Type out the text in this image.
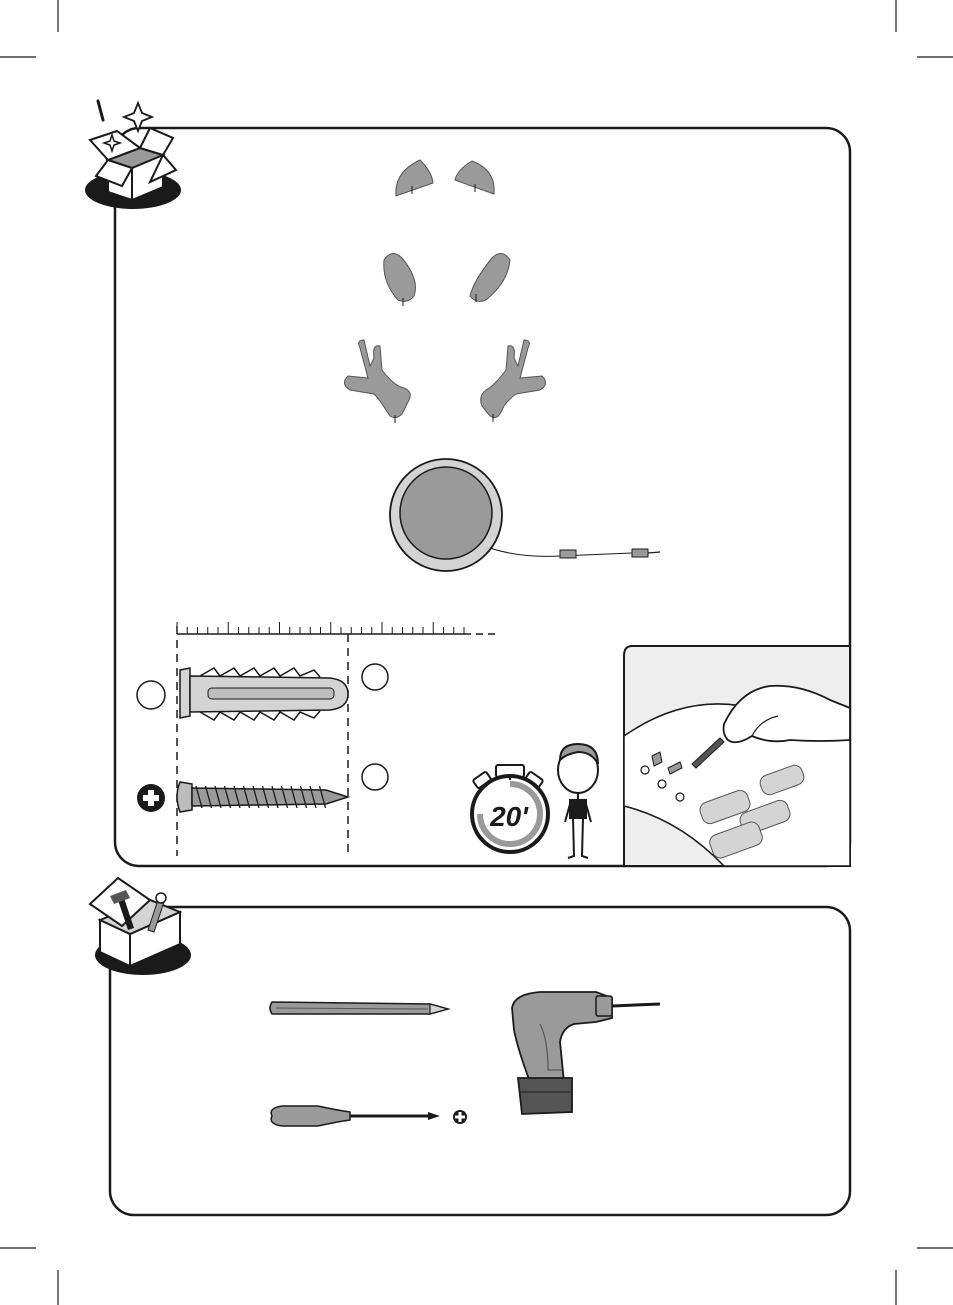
20'
